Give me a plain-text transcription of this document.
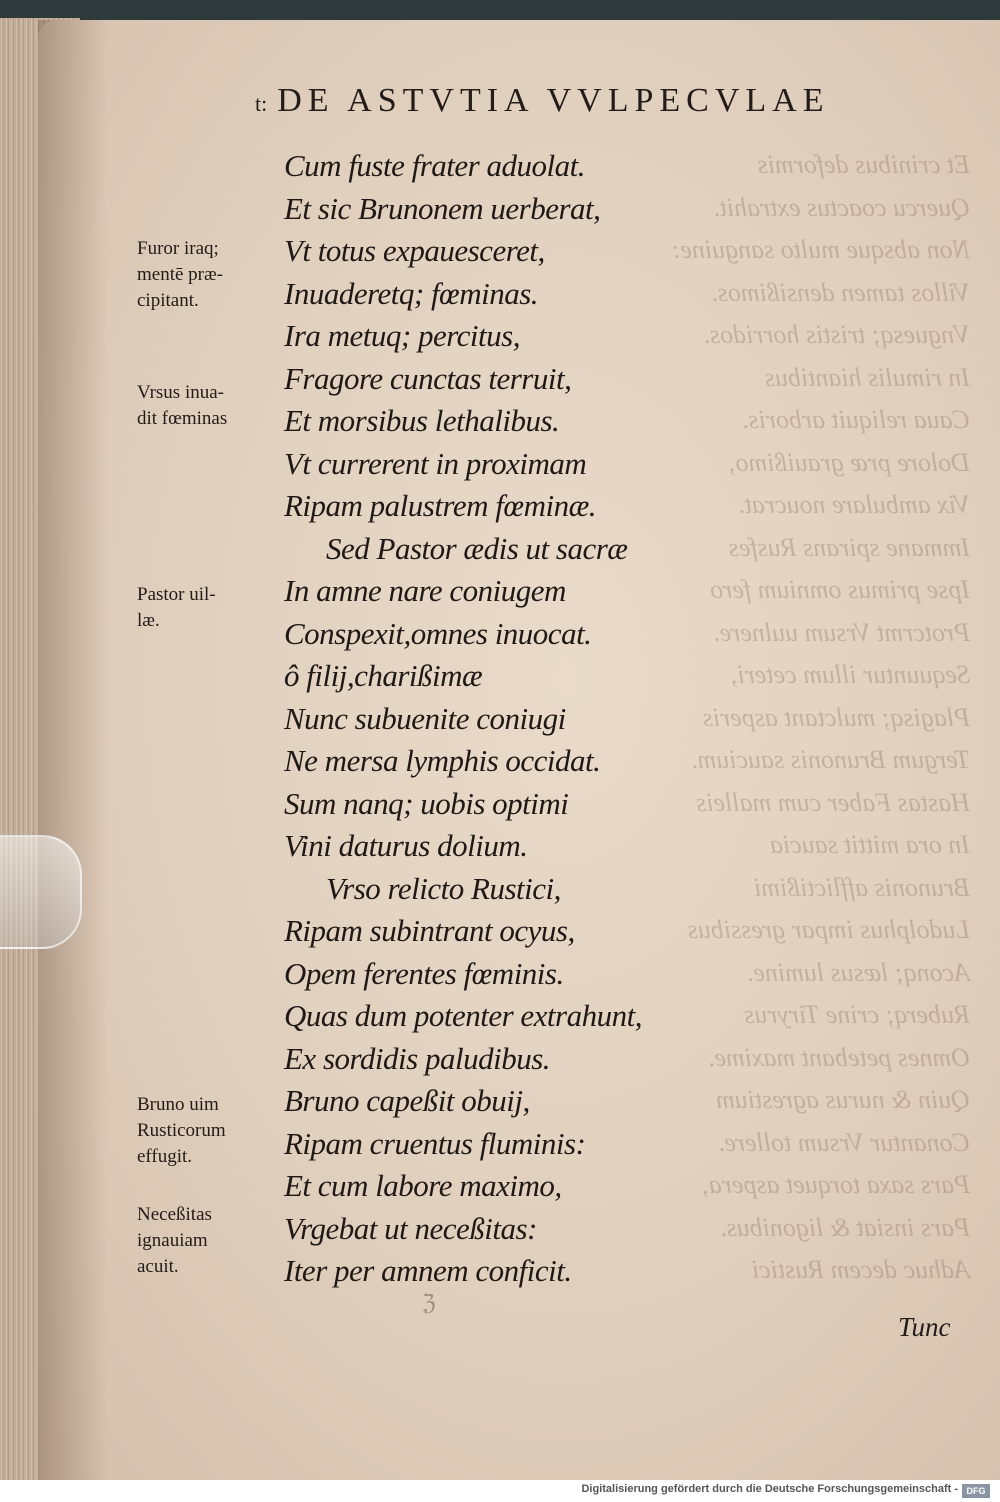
Et crinibus deformis
Quercu coactus extrahit.
Non absque multo sanguine:
Villos tamen densißimos.
Vnguesq; tristis horridos.
In rimulis hiantibus
Caua reliquit arboris.
Dolore præ grauißimo,
Vix ambulare noucrat.
Immane spirans Rusfes
Ipse primus omnium fero
Protcrmt Vrsum uulnere.
Sequuntur illum ceteri,
Plagisq; mulctant asperis
Tergum Brunonis saucium.
Hastas Faber cum malleis
In ora mittit saucia
Brunonis afflictißimi
Ludolphus impar gressibus
Aconq; læsus lumine.
Ruberq; crine Tiryrus
Omnes petebant maxime.
Quin & nurus agrestium
Conantur Vrsum tollere.
Pars saxa torquet aspera,
Pars insiat & ligonibus.
Adhuc decem Rustici
t: DE ASTVTIA VVLPECVLAE
Cum fuste frater aduolat.
Et sic Brunonem uerberat,
Vt totus expauesceret,
Inuaderetq; fœminas.
Ira metuq; percitus,
Fragore cunctas terruit,
Et morsibus lethalibus.
Vt currerent in proximam
Ripam palustrem fœminæ.
Sed Pastor ædis ut sacræ
In amne nare coniugem
Conspexit,omnes inuocat.
ô filij,charißimæ
Nunc subuenite coniugi
Ne mersa lymphis occidat.
Sum nanq; uobis optimi
Vini daturus dolium.
Vrso relicto Rustici,
Ripam subintrant ocyus,
Opem ferentes fœminis.
Quas dum potenter extrahunt,
Ex sordidis paludibus.
Bruno capeßit obuij,
Ripam cruentus fluminis:
Et cum labore maximo,
Vrgebat ut neceßitas:
Iter per amnem conficit.
Furor iraq;
mentē præ-
cipitant.
Vrsus inua-
dit fœminas
Pastor uil-
læ.
Bruno uim
Rusticorum
effugit.
Neceßitas
ignauiam
acuit.
ℨ
Tunc
Digitalisierung gefördert durch die Deutsche Forschungsgemeinschaft - DFG
